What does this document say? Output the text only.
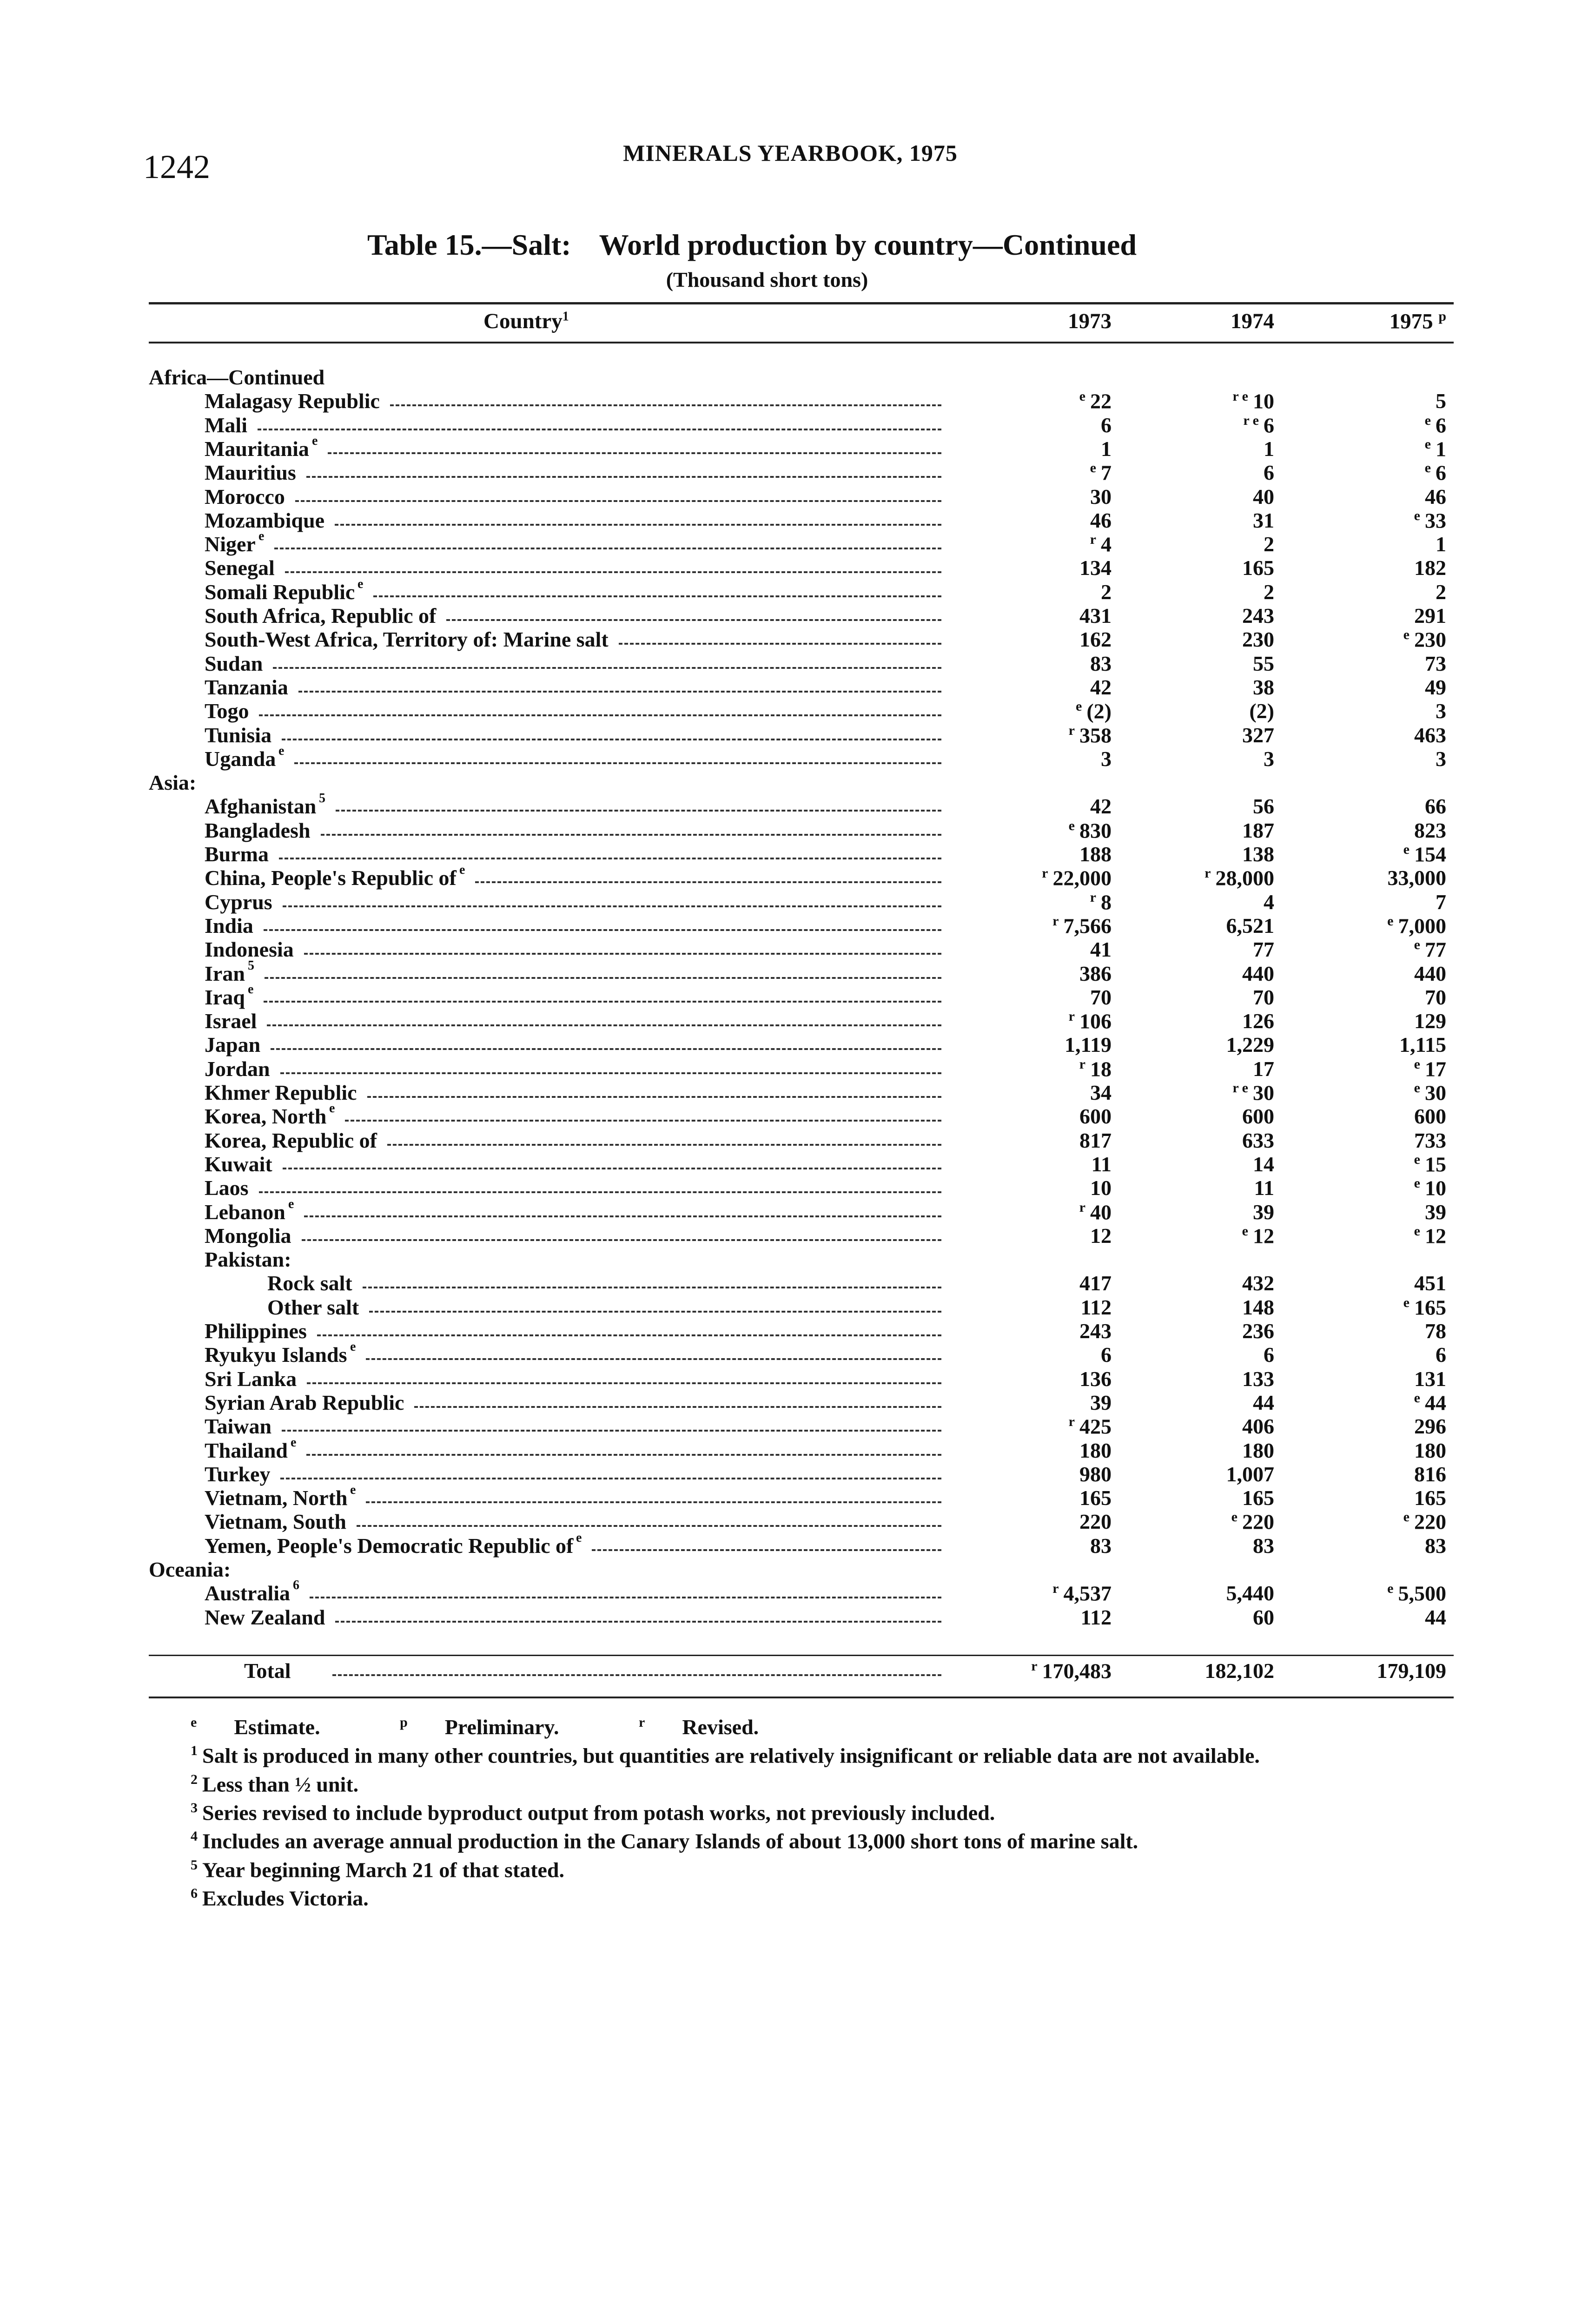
1242	MINERALS YEARBOOK, 1975
Table 15.—Salt: World production by country—Continued
(Thousand short tons)
Country$^1$	1973	1974	1975 $^p$
Africa—Continued
Malagasy Republic	$^e$ 22	$^{r e}$ 10	5
Mali	6	$^{r e}$ 6	$^e$ 6
Mauritania e	1	1	$^e$ 1
Mauritius	$^e$ 7	6	$^e$ 6
Morocco	30	40	46
Mozambique	46	31	$^e$ 33
Niger e	$^r$ 4	2	1
Senegal	134	165	182
Somali Republic e	2	2	2
South Africa, Republic of	431	243	291
South-West Africa, Territory of: Marine salt	162	230	$^e$ 230
Sudan	83	55	73
Tanzania	42	38	49
Togo	$^e$ (2)	(2)	3
Tunisia	$^r$ 358	327	463
Uganda e	3	3	3
Asia:
Afghanistan 5	42	56	66
Bangladesh	$^e$ 830	187	823
Burma	188	138	$^e$ 154
China, People's Republic of e	$^r$ 22,000	$^r$ 28,000	33,000
Cyprus	$^r$ 8	4	7
India	$^r$ 7,566	6,521	$^e$ 7,000
Indonesia	41	77	$^e$ 77
Iran 5	386	440	440
Iraq e	70	70	70
Israel	$^r$ 106	126	129
Japan	1,119	1,229	1,115
Jordan	$^r$ 18	17	$^e$ 17
Khmer Republic	34	$^{r e}$ 30	$^e$ 30
Korea, North e	600	600	600
Korea, Republic of	817	633	733
Kuwait	11	14	$^e$ 15
Laos	10	11	$^e$ 10
Lebanon e	$^r$ 40	39	39
Mongolia	12	$^e$ 12	$^e$ 12
Pakistan:
Rock salt	417	432	451
Other salt	112	148	$^e$ 165
Philippines	243	236	78
Ryukyu Islands e	6	6	6
Sri Lanka	136	133	131
Syrian Arab Republic	39	44	$^e$ 44
Taiwan	$^r$ 425	406	296
Thailand e	180	180	180
Turkey	980	1,007	816
Vietnam, North e	165	165	165
Vietnam, South	220	$^e$ 220	$^e$ 220
Yemen, People's Democratic Republic of e	83	83	83
Oceania:
Australia 6	$^r$ 4,537	5,440	$^e$ 5,500
New Zealand	112	60	44
Total	$^r$ 170,483	182,102	179,109
$^e$ Estimate.	$^p$ Preliminary.	$^r$ Revised.
$^1$ Salt is produced in many other countries, but quantities are relatively insignificant or reliable data are not available.
$^2$ Less than ½ unit.
$^3$ Series revised to include byproduct output from potash works, not previously included.
$^4$ Includes an average annual production in the Canary Islands of about 13,000 short tons of marine salt.
$^5$ Year beginning March 21 of that stated.
$^6$ Excludes Victoria.
